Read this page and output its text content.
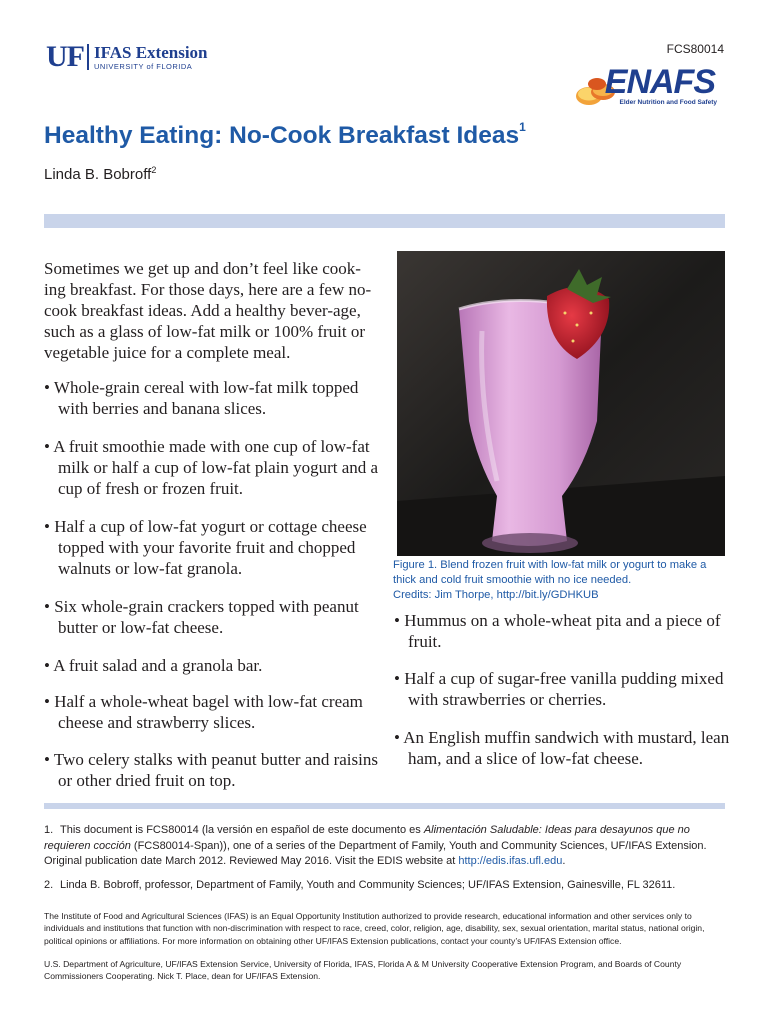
UF IFAS Extension
UNIVERSITY of FLORIDA
FCS80014
ENAFS
Elder Nutrition and Food Safety
Healthy Eating: No-Cook Breakfast Ideas$^1$
Linda B. Bobroff$^2$
Sometimes we get up and don’t feel like cook-ing breakfast. For those days, here are a few no-cook breakfast ideas. Add a healthy bever-age, such as a glass of low-fat milk or 100% fruit or vegetable juice for a complete meal.
• Whole-grain cereal with low-fat milk topped with berries and banana slices.
• A fruit smoothie made with one cup of low-fat milk or half a cup of low-fat plain yogurt and a cup of fresh or frozen fruit.
• Half a cup of low-fat yogurt or cottage cheese topped with your favorite fruit and chopped walnuts or low-fat granola.
• Six whole-grain crackers topped with peanut butter or low-fat cheese.
• A fruit salad and a granola bar.
• Half a whole-wheat bagel with low-fat cream cheese and strawberry slices.
• Two celery stalks with peanut butter and raisins or other dried fruit on top.
Figure 1. Blend frozen fruit with low-fat milk or yogurt to make a thick and cold fruit smoothie with no ice needed.
Credits: Jim Thorpe, http://bit.ly/GDHKUB
• Hummus on a whole-wheat pita and a piece of fruit.
• Half a cup of sugar-free vanilla pudding mixed with strawberries or cherries.
• An English muffin sandwich with mustard, lean ham, and a slice of low-fat cheese.
1. This document is FCS80014 (la versión en español de este documento es Alimentación Saludable: Ideas para desayunos que no requieren cocción (FCS80014-Span)), one of a series of the Department of Family, Youth and Community Sciences, UF/IFAS Extension. Original publication date March 2012. Reviewed May 2016. Visit the EDIS website at http://edis.ifas.ufl.edu.
2. Linda B. Bobroff, professor, Department of Family, Youth and Community Sciences; UF/IFAS Extension, Gainesville, FL 32611.
The Institute of Food and Agricultural Sciences (IFAS) is an Equal Opportunity Institution authorized to provide research, educational information and other services only to individuals and institutions that function with non-discrimination with respect to race, creed, color, religion, age, disability, sex, sexual orientation, marital status, national origin, political opinions or affiliations. For more information on obtaining other UF/IFAS Extension publications, contact your county’s UF/IFAS Extension office.
U.S. Department of Agriculture, UF/IFAS Extension Service, University of Florida, IFAS, Florida A & M University Cooperative Extension Program, and Boards of County Commissioners Cooperating. Nick T. Place, dean for UF/IFAS Extension.
